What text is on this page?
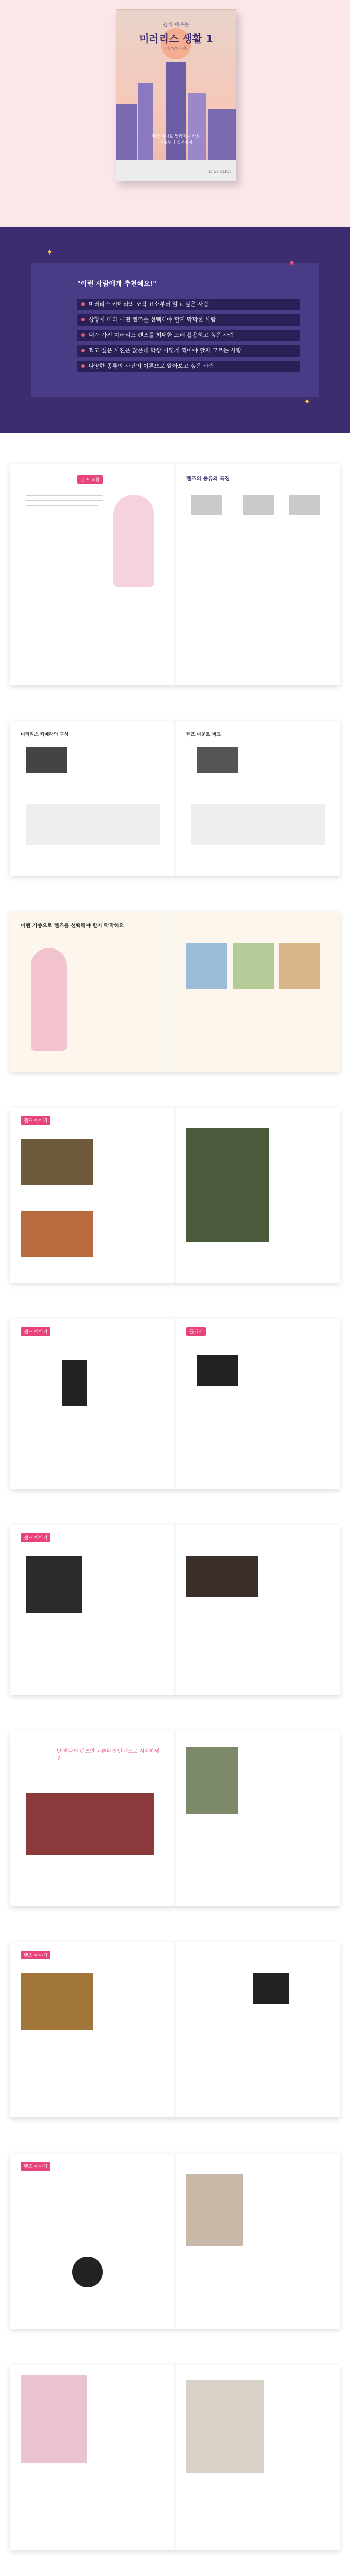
쉽게 배우는
미러리스 생활 1
이 ○○ 지음
렌즈 하나로 달라지는 사진
기초부터 실전까지
DIGITALKA
"이런 사람에게 추천해요!"
미러리스 카메라의 조작 요소부터 알고 싶은 사람
상황에 따라 어떤 렌즈를 선택해야 할지 막막한 사람
내가 가진 미러리스 렌즈를 최대한 오래 활용하고 싶은 사람
찍고 싶은 사진은 많은데 막상 어떻게 찍어야 할지 모르는 사람
다양한 종류의 사진의 이론으로 알아보고 싶은 사람
✦
✦
★
렌즈 교환	렌즈의 종류와 특징
미러리스 카메라의 구성	렌즈 마운트 비교
어떤 기종으로 렌즈를 선택해야 할지 막막해요
렌즈 이야기
렌즈 이야기	플래시
렌즈 이야기
단 하나의 렌즈만 고른다면 단렌즈로 시작하세요
렌즈 이야기
렌즈 이야기
